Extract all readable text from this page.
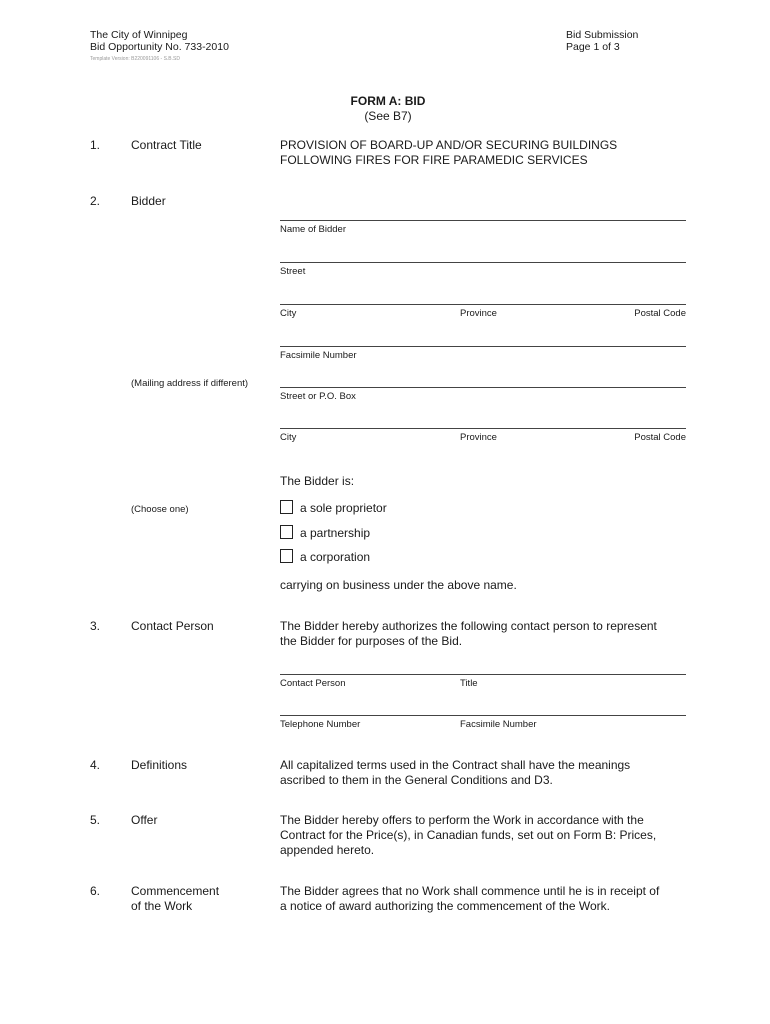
The City of Winnipeg
Bid Opportunity No. 733-2010
Template Version: B220091106 - S.B.SD
Bid Submission
Page 1 of 3
FORM A: BID
(See B7)
1.	Contract Title	PROVISION OF BOARD-UP AND/OR SECURING BUILDINGS
FOLLOWING FIRES FOR FIRE PARAMEDIC SERVICES
2.	Bidder
Name of Bidder
Street
City	Province	Postal Code
Facsimile Number
(Mailing address if different)
Street or P.O. Box
City	Province	Postal Code
The Bidder is:
(Choose one)	a sole proprietor
a partnership
a corporation
carrying on business under the above name.
3.	Contact Person	The Bidder hereby authorizes the following contact person to represent
the Bidder for purposes of the Bid.
Contact Person	Title
Telephone Number	Facsimile Number
4.	Definitions	All capitalized terms used in the Contract shall have the meanings
ascribed to them in the General Conditions and D3.
5.	Offer	The Bidder hereby offers to perform the Work in accordance with the
Contract for the Price(s), in Canadian funds, set out on Form B: Prices,
appended hereto.
6.	Commencement
of the Work
The Bidder agrees that no Work shall commence until he is in receipt of
a notice of award authorizing the commencement of the Work.
